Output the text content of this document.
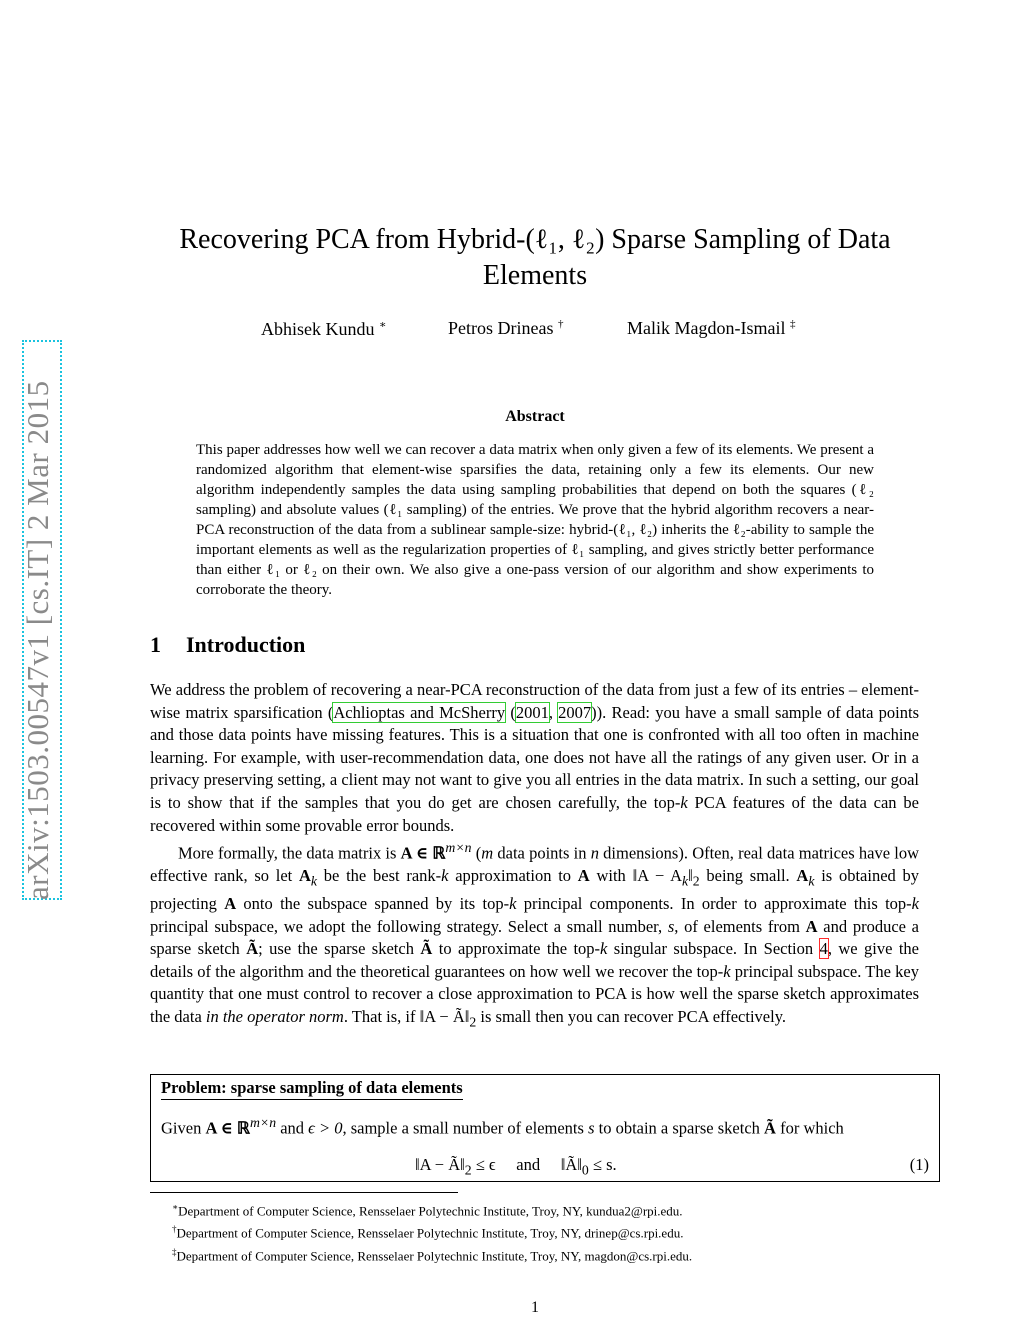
arXiv:1503.00547v1 [cs.IT] 2 Mar 2015
Recovering PCA from Hybrid-(ℓ₁, ℓ₂) Sparse Sampling of Data Elements
Abhisek Kundu ∗	Petros Drineas †	Malik Magdon-Ismail ‡
Abstract

This paper addresses how well we can recover a data matrix when only given a few of its elements. We present a randomized algorithm that element-wise sparsifies the data, retaining only a few its elements. Our new algorithm independently samples the data using sampling probabilities that depend on both the squares (ℓ₂ sampling) and absolute values (ℓ₁ sampling) of the entries. We prove that the hybrid algorithm recovers a near-PCA reconstruction of the data from a sublinear sample-size: hybrid-(ℓ₁, ℓ₂) inherits the ℓ₂-ability to sample the important elements as well as the regularization properties of ℓ₁ sampling, and gives strictly better performance than either ℓ₁ or ℓ₂ on their own. We also give a one-pass version of our algorithm and show experiments to corroborate the theory.

1 Introduction

We address the problem of recovering a near-PCA reconstruction of the data from just a few of its entries – element-wise matrix sparsification (Achlioptas and McSherry (2001, 2007)). Read: you have a small sample of data points and those data points have missing features. This is a situation that one is confronted with all too often in machine learning. For example, with user-recommendation data, one does not have all the ratings of any given user. Or in a privacy preserving setting, a client may not want to give you all entries in the data matrix. In such a setting, our goal is to show that if the samples that you do get are chosen carefully, the top-k PCA features of the data can be recovered within some provable error bounds.

More formally, the data matrix is A ∈ ℝ$^{m\times n}$ (m data points in n dimensions). Often, real data matrices have low effective rank, so let $A_k$ be the best rank-k approximation to A with ‖A − $A_k‖_2$ being small. $A_k$ is obtained by projecting A onto the subspace spanned by its top-k principal components. In order to approximate this top-k principal subspace, we adopt the following strategy. Select a small number, s, of elements from A and produce a sparse sketch Ã; use the sparse sketch Ã to approximate the top-k singular subspace. In Section 4, we give the details of the algorithm and the theoretical guarantees on how well we recover the top-k principal subspace. The key quantity that one must control to recover a close approximation to PCA is how well the sparse sketch approximates the data in the operator norm. That is, if ‖A − $Ã‖_2$ is small then you can recover PCA effectively.

Problem: sparse sampling of data elements
Given A ∈ ℝ$^{m\times n}$ and ϵ > 0, sample a small number of elements s to obtain a sparse sketch Ã for which
‖A − $Ã‖_2 \le \epsilon$ and $‖Ã‖_0 \le s$.	(1)
∗Department of Computer Science, Rensselaer Polytechnic Institute, Troy, NY, kundua2@rpi.edu.
†Department of Computer Science, Rensselaer Polytechnic Institute, Troy, NY, drinep@cs.rpi.edu.
‡Department of Computer Science, Rensselaer Polytechnic Institute, Troy, NY, magdon@cs.rpi.edu.
1
